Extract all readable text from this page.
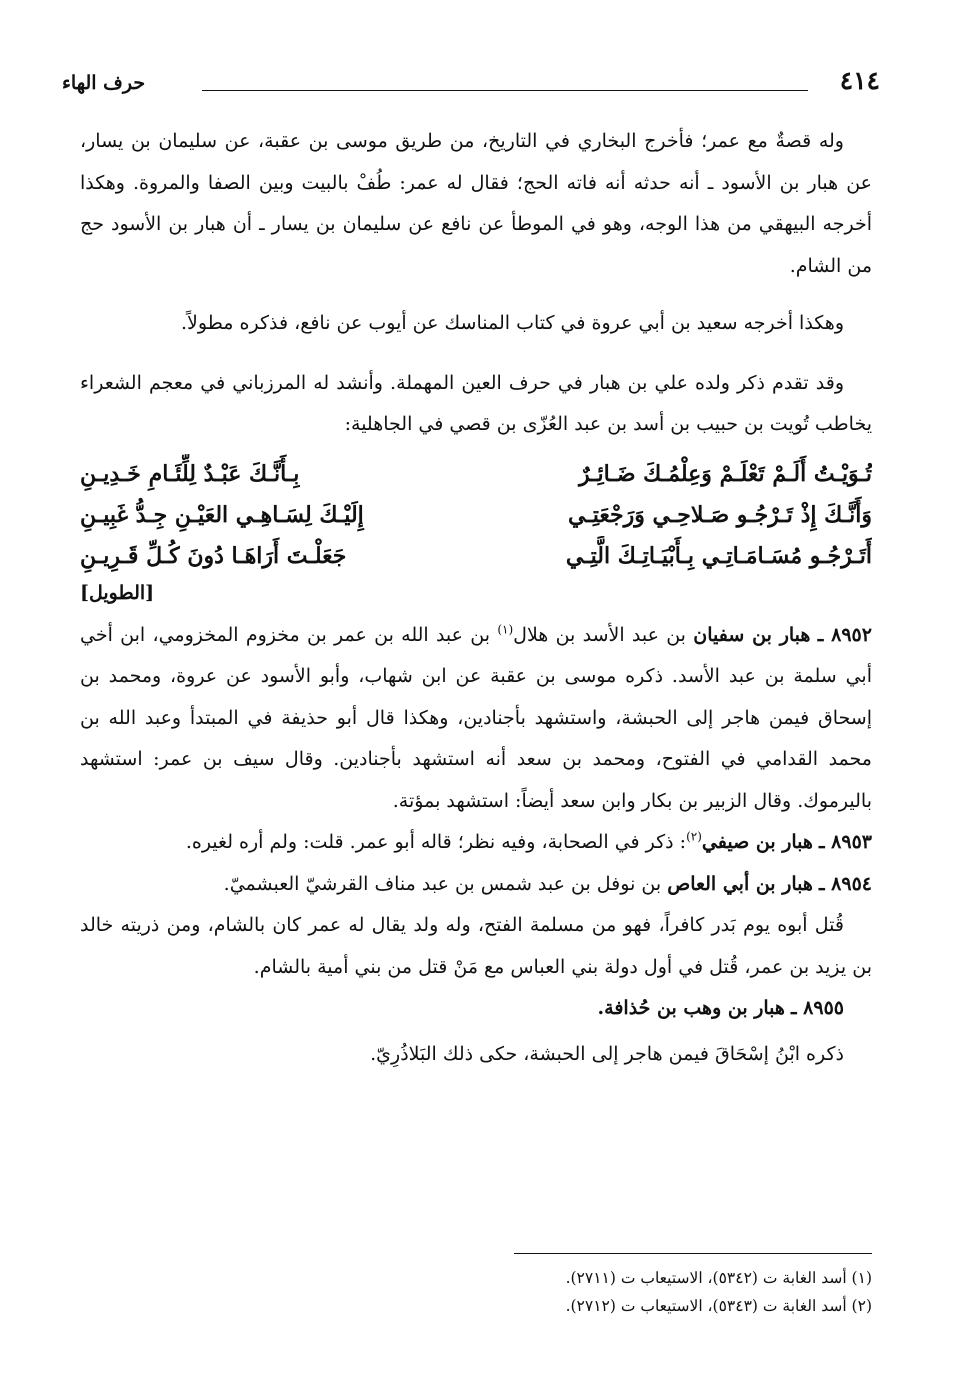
٤١٤
حرف الهاء

وله قصةٌ مع عمر؛ فأخرج البخاري في التاريخ، من طريق موسى بن عقبة، عن سليمان بن يسار، عن هبار بن الأسود ـ أنه حدثه أنه فاته الحج؛ فقال له عمر: طُفْ بالبيت وبين الصفا والمروة. وهكذا أخرجه البيهقي من هذا الوجه، وهو في الموطأ عن نافع عن سليمان بن يسار ـ أن هبار بن الأسود حج من الشام.

وهكذا أخرجه سعيد بن أبي عروة في كتاب المناسك عن أيوب عن نافع، فذكره مطولاً.

وقد تقدم ذكر ولده علي بن هبار في حرف العين المهملة. وأنشد له المرزباني في معجم الشعراء يخاطب تُويت بن حبيب بن أسد بن عبد العُزّى بن قصي في الجاهلية:

تُـوَيْـتُ أَلَـمْ تَعْلَـمْ وَعِلْمُـكَ ضَـائِـرٌ
بِـأَنَّـكَ عَبْـدٌ لِلِّئَـامِ خَـدِيـنِ
وَأَنَّـكَ إِذْ تَـرْجُـو صَـلاحِـي وَرَجْعَتِـي
إِلَيْـكَ لِسَـاهِـي العَيْـنِ جِـدُّ غَبِيـنِ
أَتَـرْجُـو مُسَـامَـاتِـي بِـأَبْيَـاتِـكَ الَّتِـي
جَعَلْـتَ أَرَاهَـا دُونَ كُـلِّ قَـرِيـنِ
[الطويل]

٨٩٥٢ ـ هبار بن سفيان بن عبد الأسد بن هلال$^{(١)}$ بن عبد الله بن عمر بن مخزوم المخزومي، ابن أخي أبي سلمة بن عبد الأسد. ذكره موسى بن عقبة عن ابن شهاب، وأبو الأسود عن عروة، ومحمد بن إسحاق فيمن هاجر إلى الحبشة، واستشهد بأجنادين، وهكذا قال أبو حذيفة في المبتدأ وعبد الله بن محمد القدامي في الفتوح، ومحمد بن سعد أنه استشهد بأجنادين. وقال سيف بن عمر: استشهد باليرموك. وقال الزبير بن بكار وابن سعد أيضاً: استشهد بمؤتة.

٨٩٥٣ ـ هبار بن صيفي$^{(٢)}$: ذكر في الصحابة، وفيه نظر؛ قاله أبو عمر. قلت: ولم أره لغيره.

٨٩٥٤ ـ هبار بن أبي العاص بن نوفل بن عبد شمس بن عبد مناف القرشيّ العبشميّ.

قُتل أبوه يوم بَدر كافراً، فهو من مسلمة الفتح، وله ولد يقال له عمر كان بالشام، ومن ذريته خالد بن يزيد بن عمر، قُتل في أول دولة بني العباس مع مَنْ قتل من بني أمية بالشام.

٨٩٥٥ ـ هبار بن وهب بن حُذافة.

ذكره ابْنُ إسْحَاقَ فيمن هاجر إلى الحبشة، حكى ذلك البَلاذُرِيّ.

(١) أسد الغابة ت (٥٣٤٢)، الاستيعاب ت (٢٧١١).
(٢) أسد الغابة ت (٥٣٤٣)، الاستيعاب ت (٢٧١٢).
